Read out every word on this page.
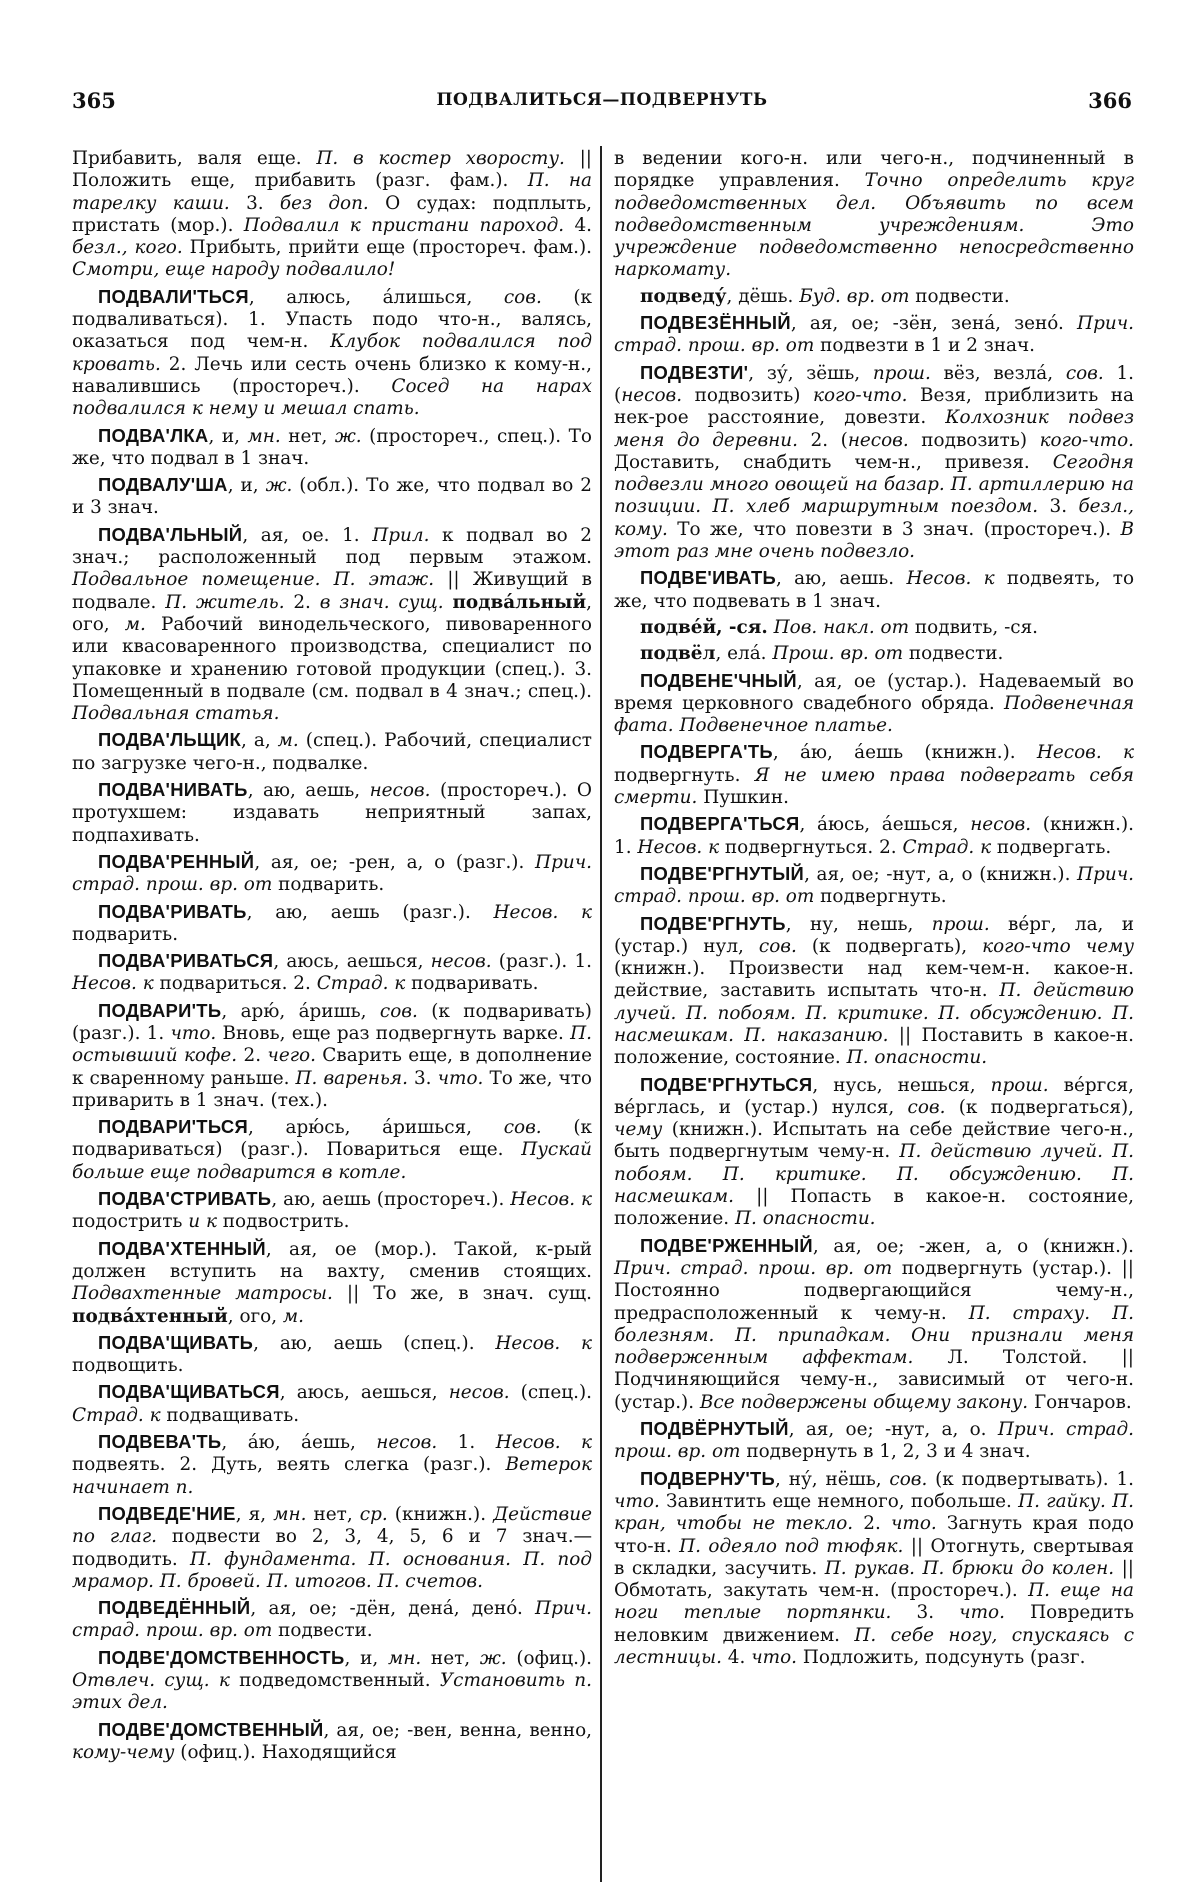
365	ПОДВАЛИТЬСЯ—ПОДВЕРНУТЬ	366

Прибавить, валя еще. П. в костер хворосту. || Положить еще, прибавить (разг. фам.). П. на тарелку каши. 3. без доп. О судах: подплыть, пристать (мор.). Подвалил к пристани пароход. 4. безл., кого. Прибыть, прийти еще (простореч. фам.). Смотри, еще народу подвалило!

ПОДВАЛИ'ТЬСЯ, алюсь, áлишься, сов. (к подваливаться). 1. Упасть подо что-н., валясь, оказаться под чем-н. Клубок подвалился под кровать. 2. Лечь или сесть очень близко к кому-н., навалившись (простореч.). Сосед на нарах подвалился к нему и мешал спать.

ПОДВА'ЛКА, и, мн. нет, ж. (простореч., спец.). То же, что подвал в 1 знач.

ПОДВАЛУ'ША, и, ж. (обл.). То же, что подвал во 2 и 3 знач.

ПОДВА'ЛЬНЫЙ, ая, ое. 1. Прил. к подвал во 2 знач.; расположенный под первым этажом. Подвальное помещение. П. этаж. || Живущий в подвале. П. житель. 2. в знач. сущ. подвáльный, ого, м. Рабочий винодельческого, пивоваренного или квасоваренного производства, специалист по упаковке и хранению готовой продукции (спец.). 3. Помещенный в подвале (см. подвал в 4 знач.; спец.). Подвальная статья.

ПОДВА'ЛЬЩИК, а, м. (спец.). Рабочий, специалист по загрузке чего-н., подвалке.

ПОДВА'НИВАТЬ, аю, аешь, несов. (простореч.). О протухшем: издавать неприятный запах, подпахивать.

ПОДВА'РЕННЫЙ, ая, ое; -рен, а, о (разг.). Прич. страд. прош. вр. от подварить.

ПОДВА'РИВАТЬ, аю, аешь (разг.). Несов. к подварить.

ПОДВА'РИВАТЬСЯ, аюсь, аешься, несов. (разг.). 1. Несов. к подвариться. 2. Страд. к подваривать.

ПОДВАРИ'ТЬ, арю́, áришь, сов. (к подваривать) (разг.). 1. что. Вновь, еще раз подвергнуть варке. П. остывший кофе. 2. чего. Сварить еще, в дополнение к сваренному раньше. П. варенья. 3. что. То же, что приварить в 1 знач. (тех.).

ПОДВАРИ'ТЬСЯ, арю́сь, áришься, сов. (к подвариваться) (разг.). Повариться еще. Пускай больше еще подварится в котле.

ПОДВА'СТРИВАТЬ, аю, аешь (простореч.). Несов. к подострить и к подвострить.

ПОДВА'ХТЕННЫЙ, ая, ое (мор.). Такой, к-рый должен вступить на вахту, сменив стоящих. Подвахтенные матросы. || То же, в знач. сущ. подвáхтенный, ого, м.

ПОДВА'ЩИВАТЬ, аю, аешь (спец.). Несов. к подвощить.

ПОДВА'ЩИВАТЬСЯ, аюсь, аешься, несов. (спец.). Страд. к подващивать.

ПОДВЕВА'ТЬ, áю, áешь, несов. 1. Несов. к подвеять. 2. Дуть, веять слегка (разг.). Ветерок начинает п.

ПОДВЕДЕ'НИЕ, я, мн. нет, ср. (книжн.). Действие по глаг. подвести во 2, 3, 4, 5, 6 и 7 знач.—подводить. П. фундамента. П. основания. П. под мрамор. П. бровей. П. итогов. П. счетов.

ПОДВЕДЁННЫЙ, ая, ое; -дён, денá, денó. Прич. страд. прош. вр. от подвести.

ПОДВЕ'ДОМСТВЕННОСТЬ, и, мн. нет, ж. (офиц.). Отвлеч. сущ. к подведомственный. Установить п. этих дел.

ПОДВЕ'ДОМСТВЕННЫЙ, ая, ое; -вен, венна, венно, кому-чему (офиц.). Находящийся

в ведении кого-н. или чего-н., подчиненный в порядке управления. Точно определить круг подведомственных дел. Объявить по всем подведомственным учреждениям. Это учреждение подведомственно непосредственно наркомату.

подведу́, дёшь. Буд. вр. от подвести.

ПОДВЕЗЁННЫЙ, ая, ое; -зён, зенá, зенó. Прич. страд. прош. вр. от подвезти в 1 и 2 знач.

ПОДВЕЗТИ', зу́, зёшь, прош. вёз, везлá, сов. 1. (несов. подвозить) кого-что. Везя, приблизить на нек-рое расстояние, довезти. Колхозник подвез меня до деревни. 2. (несов. подвозить) кого-что. Доставить, снабдить чем-н., привезя. Сегодня подвезли много овощей на базар. П. артиллерию на позиции. П. хлеб маршрутным поездом. 3. безл., кому. То же, что повезти в 3 знач. (простореч.). В этот раз мне очень подвезло.

ПОДВЕ'ИВАТЬ, аю, аешь. Несов. к подвеять, то же, что подвевать в 1 знач.

подвéй, -ся. Пов. накл. от подвить, -ся.

подвёл, елá. Прош. вр. от подвести.

ПОДВЕНЕ'ЧНЫЙ, ая, ое (устар.). Надеваемый во время церковного свадебного обряда. Подвенечная фата. Подвенечное платье.

ПОДВЕРГА'ТЬ, áю, áешь (книжн.). Несов. к подвергнуть. Я не имею права подвергать себя смерти. Пушкин.

ПОДВЕРГА'ТЬСЯ, áюсь, áешься, несов. (книжн.). 1. Несов. к подвергнуться. 2. Страд. к подвергать.

ПОДВЕ'РГНУТЫЙ, ая, ое; -нут, а, о (книжн.). Прич. страд. прош. вр. от подвергнуть.

ПОДВЕ'РГНУТЬ, ну, нешь, прош. вéрг, ла, и (устар.) нул, сов. (к подвергать), кого-что чему (книжн.). Произвести над кем-чем-н. какое-н. действие, заставить испытать что-н. П. действию лучей. П. побоям. П. критике. П. обсуждению. П. насмешкам. П. наказанию. || Поставить в какое-н. положение, состояние. П. опасности.

ПОДВЕ'РГНУТЬСЯ, нусь, нешься, прош. вéргся, вéрглась, и (устар.) нулся, сов. (к подвергаться), чему (книжн.). Испытать на себе действие чего-н., быть подвергнутым чему-н. П. действию лучей. П. побоям. П. критике. П. обсуждению. П. насмешкам. || Попасть в какое-н. состояние, положение. П. опасности.

ПОДВЕ'РЖЕННЫЙ, ая, ое; -жен, а, о (книжн.). Прич. страд. прош. вр. от подвергнуть (устар.). || Постоянно подвергающийся чему-н., предрасположенный к чему-н. П. страху. П. болезням. П. припадкам. Они признали меня подверженным аффектам. Л. Толстой. || Подчиняющийся чему-н., зависимый от чего-н. (устар.). Все подвержены общему закону. Гончаров.

ПОДВЁРНУТЫЙ, ая, ое; -нут, а, о. Прич. страд. прош. вр. от подвернуть в 1, 2, 3 и 4 знач.

ПОДВЕРНУ'ТЬ, ну́, нёшь, сов. (к подвертывать). 1. что. Завинтить еще немного, побольше. П. гайку. П. кран, чтобы не текло. 2. что. Загнуть края подо что-н. П. одеяло под тюфяк. || Отогнуть, свертывая в складки, засучить. П. рукав. П. брюки до колен. || Обмотать, закутать чем-н. (простореч.). П. еще на ноги теплые портянки. 3. что. Повредить неловким движением. П. себе ногу, спускаясь с лестницы. 4. что. Подложить, подсунуть (разг.
